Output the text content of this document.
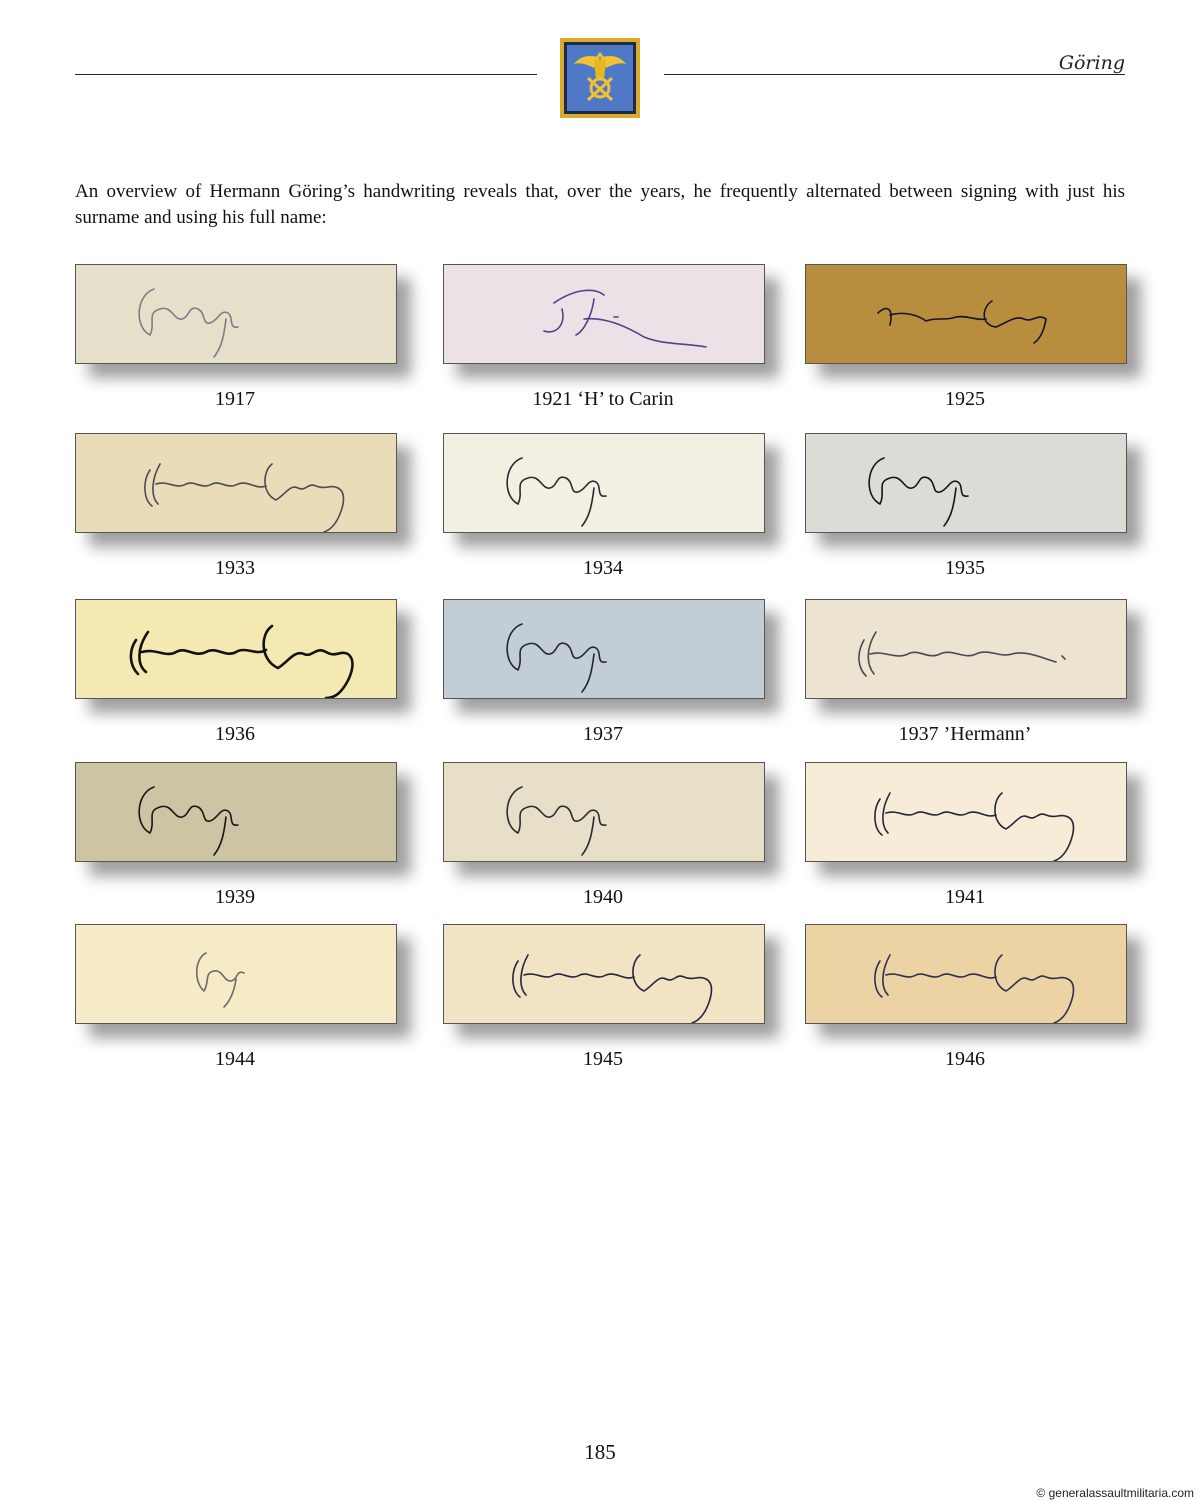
Göring

An overview of Hermann Göring’s handwriting reveals that, over the years, he frequently alternated between signing with just his surname and using his full name:

1917	1921 ‘H’ to Carin	1925
1933	1934	1935
1936	1937	1937 ’Hermann’
1939	1940	1941
1944	1945	1946
185
© generalassaultmilitaria.com
